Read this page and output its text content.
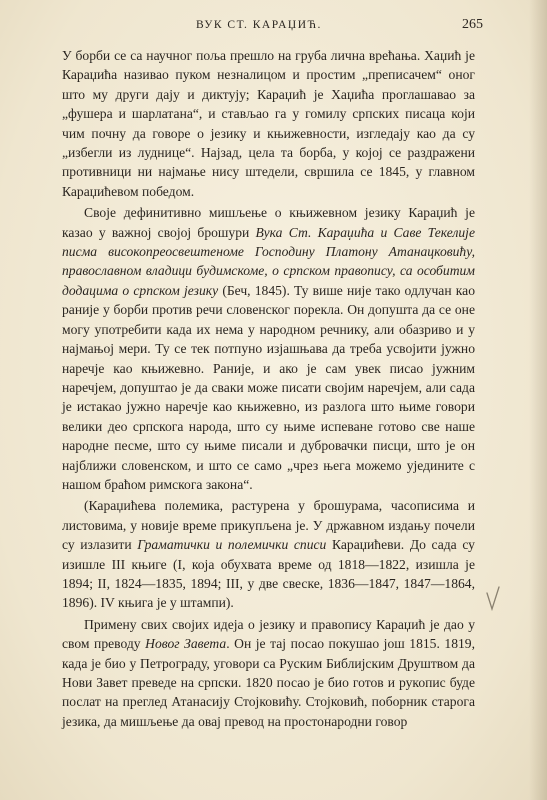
ВУК СТ. КАРАЏИЋ.	265

У борби се са научног поља прешло на груба лична врећања. Хаџић је Караџића називао пуком незналицом и простим „преписачем“ оног што му други дају и диктују; Караџић је Хаџића проглашавао за „фушера и шарлатана“, и стављао га у гомилу српских писаца који чим почну да говоре о језику и књижевности, изгледају као да су „избегли из луднице“. Најзад, цела та борба, у којој се раздражени противници ни најмање нису штедели, свршила се 1845, у главном Караџићевом победом.

Своје дефинитивно мишљење о књижевном језику Караџић је казао у важној својој брошури Вука Ст. Караџића и Саве Текелије писма високопреосвештеноме Господину Платону Атанацковићу, православном владици будимскоме, о српском правопису, са особитим додацима о српском језику (Беч, 1845). Ту више није тако одлучан као раније у борби против речи словенског порекла. Он допушта да се оне могу употребити када их нема у народном речнику, али обазриво и у најмањој мери. Ту се тек потпуно изјашњава да треба усвојити јужно наречје као књижевно. Раније, и ако је сам увек писао јужним наречјем, допуштао је да сваки може писати својим наречјем, али сада је истакао јужно наречје као књижевно, из разлога што њиме говори велики део српскога народа, што су њиме испеване готово све наше народне песме, што су њиме писали и дубровачки писци, што је он најближи словенском, и што се само „чрез њега можемо уједините с нашом браћом римскога закона“.

(Караџићева полемика, растурена у брошурама, часописима и листовима, у новије време прикупљена је. У државном издању почели су излазити Граматички и полемички списи Караџићеви. До сада су изишле III књиге (I, која обухвата време од 1818—1822, изишла је 1894; II, 1824—1835, 1894; III, у две свеске, 1836—1847, 1847—1864, 1896). IV књига је у штампи).

Примену свих својих идеја о језику и правопису Караџић је дао у свом преводу Новог Завета. Он је тај посао покушао још 1815. 1819, када је био у Петрограду, уговори са Руским Библијским Друштвом да Нови Завет преведе на српски. 1820 посао је био готов и рукопис буде послат на преглед Атанасију Стојковићу. Стојковић, поборник старога језика, да мишљење да овај превод на простонародни говор
